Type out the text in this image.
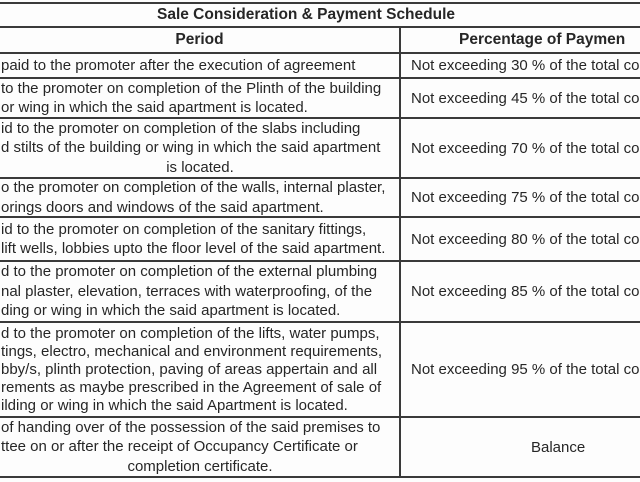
Sale Consideration & Payment Schedule
Period	Percentage of Paymen
paid to the promoter after the execution of agreement	Not exceeding 30 % of the total co
to the promoter on completion of the Plinth of the building
or wing in which the said apartment is located.
Not exceeding 45 % of the total co
id to the promoter on completion of the slabs including
d stilts of the building or wing in which the said apartment
is located.
Not exceeding 70 % of the total co
o the promoter on completion of the walls, internal plaster,
orings doors and windows of the said apartment.
Not exceeding 75 % of the total co
id to the promoter on completion of the sanitary fittings,
lift wells, lobbies upto the floor level of the said apartment.
Not exceeding 80 % of the total co
d to the promoter on completion of the external plumbing
nal plaster, elevation, terraces with waterproofing, of the
ding or wing in which the said apartment is located.
Not exceeding 85 % of the total co
d to the promoter on completion of the lifts, water pumps,
tings, electro, mechanical and environment requirements,
bby/s, plinth protection, paving of areas appertain and all
rements as maybe prescribed in the Agreement of sale of
ilding or wing in which the said Apartment is located.
Not exceeding 95 % of the total co
of handing over of the possession of the said premises to
ttee on or after the receipt of Occupancy Certificate or
completion certificate.
Balance
